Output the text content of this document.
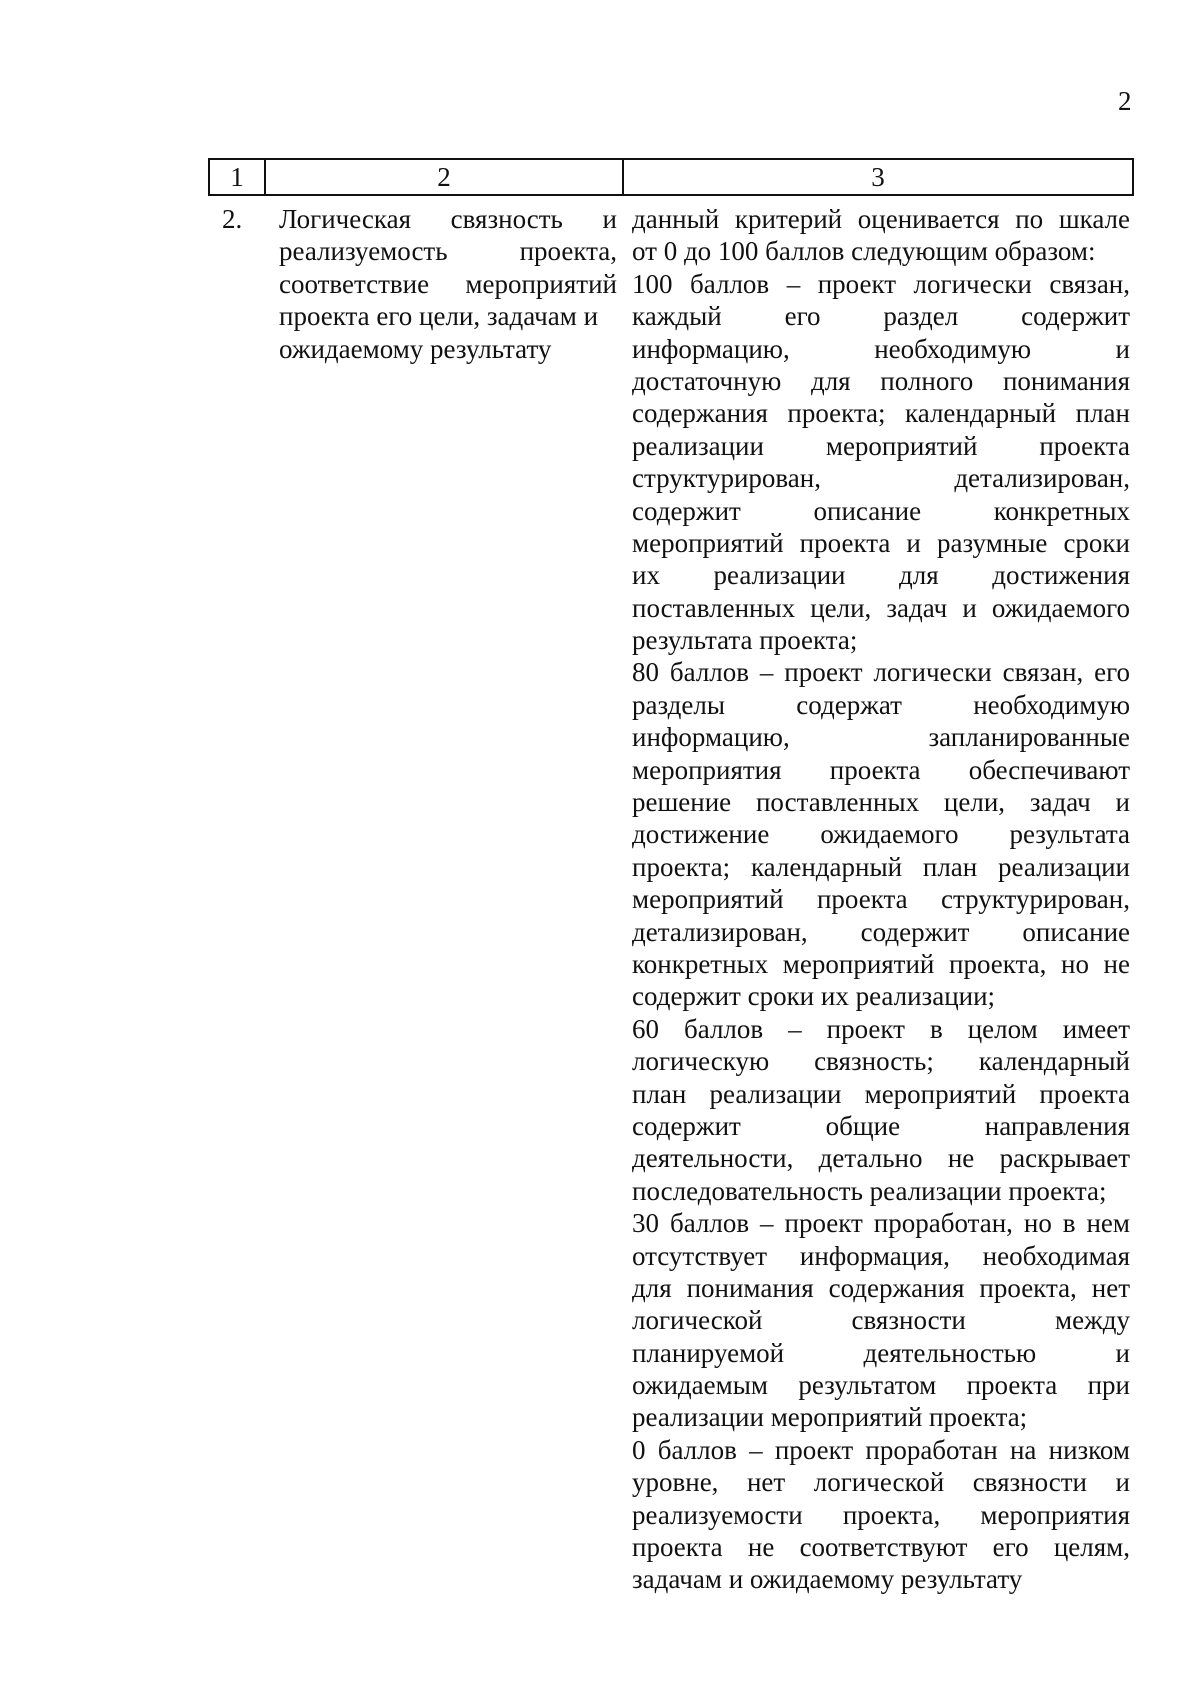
2
1	2	3
2. Логическая связность и
реализуемость проекта,
соответствие мероприятий
проекта его цели, задачам и
ожидаемому результату
данный критерий оценивается по шкале
от 0 до 100 баллов следующим образом:
100 баллов – проект логически связан,
каждый его раздел содержит
информацию, необходимую и
достаточную для полного понимания
содержания проекта; календарный план
реализации мероприятий проекта
структурирован, детализирован,
содержит описание конкретных
мероприятий проекта и разумные сроки
их реализации для достижения
поставленных цели, задач и ожидаемого
результата проекта;
80 баллов – проект логически связан, его
разделы содержат необходимую
информацию, запланированные
мероприятия проекта обеспечивают
решение поставленных цели, задач и
достижение ожидаемого результата
проекта; календарный план реализации
мероприятий проекта структурирован,
детализирован, содержит описание
конкретных мероприятий проекта, но не
содержит сроки их реализации;
60 баллов – проект в целом имеет
логическую связность; календарный
план реализации мероприятий проекта
содержит общие направления
деятельности, детально не раскрывает
последовательность реализации проекта;
30 баллов – проект проработан, но в нем
отсутствует информация, необходимая
для понимания содержания проекта, нет
логической связности между
планируемой деятельностью и
ожидаемым результатом проекта при
реализации мероприятий проекта;
0 баллов – проект проработан на низком
уровне, нет логической связности и
реализуемости проекта, мероприятия
проекта не соответствуют его целям,
задачам и ожидаемому результату
